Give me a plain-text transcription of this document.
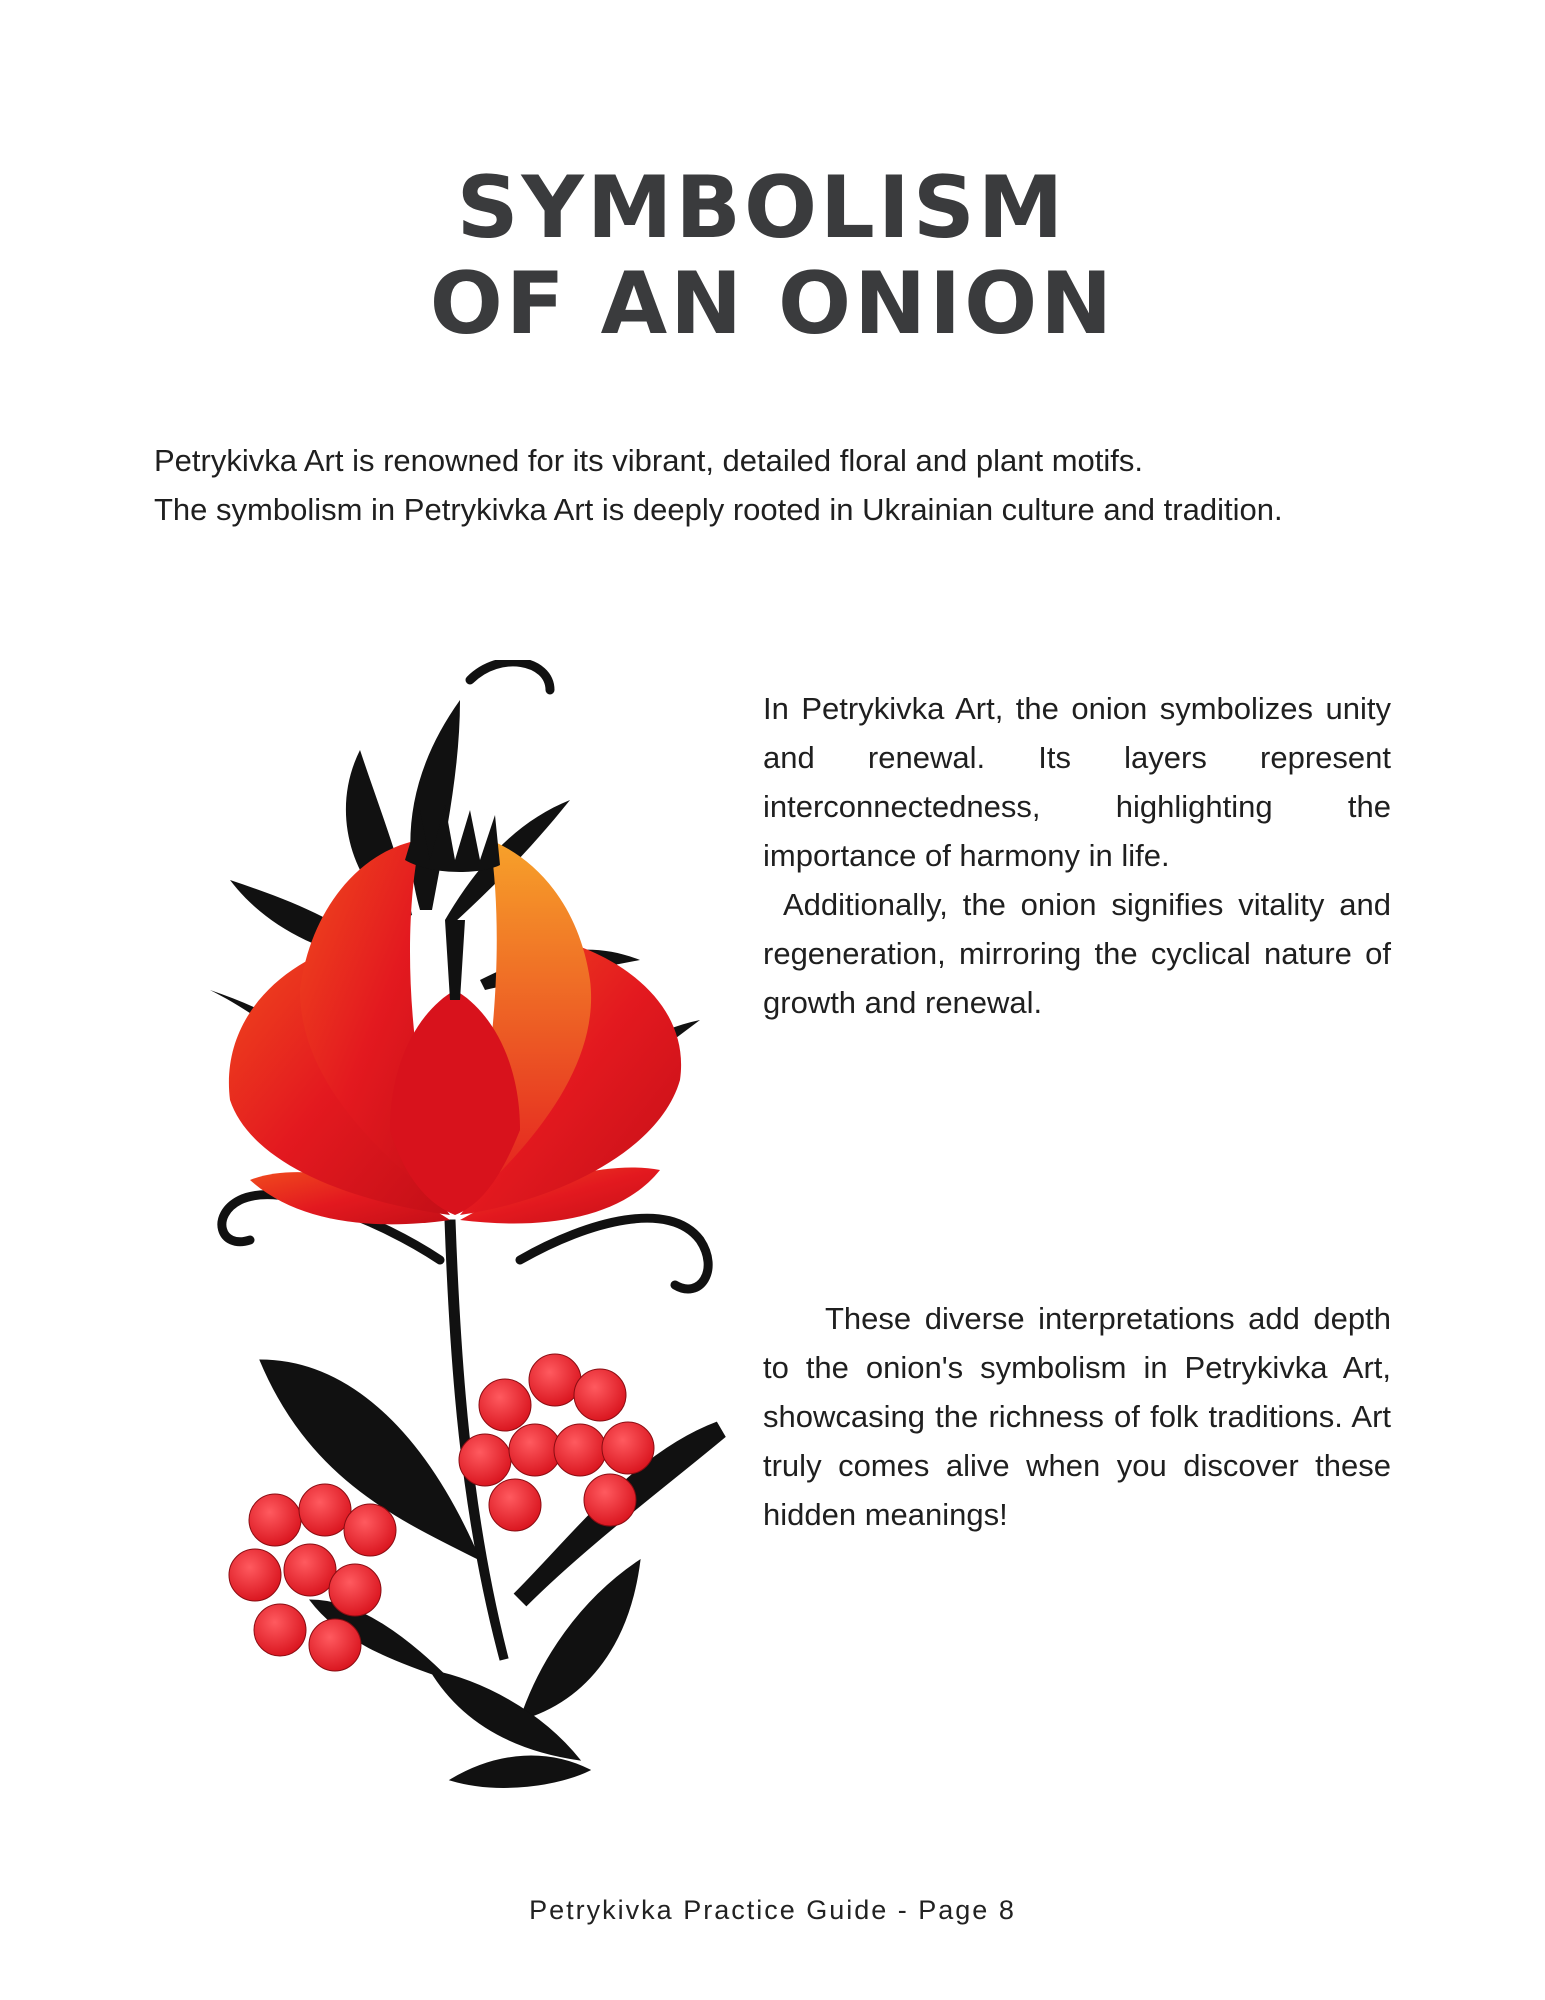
SYMBOLISM
OF AN ONION

Petrykivka Art is renowned for its vibrant, detailed floral and plant motifs.

The symbolism in Petrykivka Art is deeply rooted in Ukrainian culture and tradition.

In Petrykivka Art, the onion symbolizes unity and renewal. Its layers represent interconnectedness, highlighting the importance of harmony in life.

Additionally, the onion signifies vitality and regeneration, mirroring the cyclical nature of growth and renewal.

These diverse interpretations add depth to the onion's symbolism in Petrykivka Art, showcasing the richness of folk traditions. Art truly comes alive when you discover these hidden meanings!

Petrykivka Practice Guide - Page 8
